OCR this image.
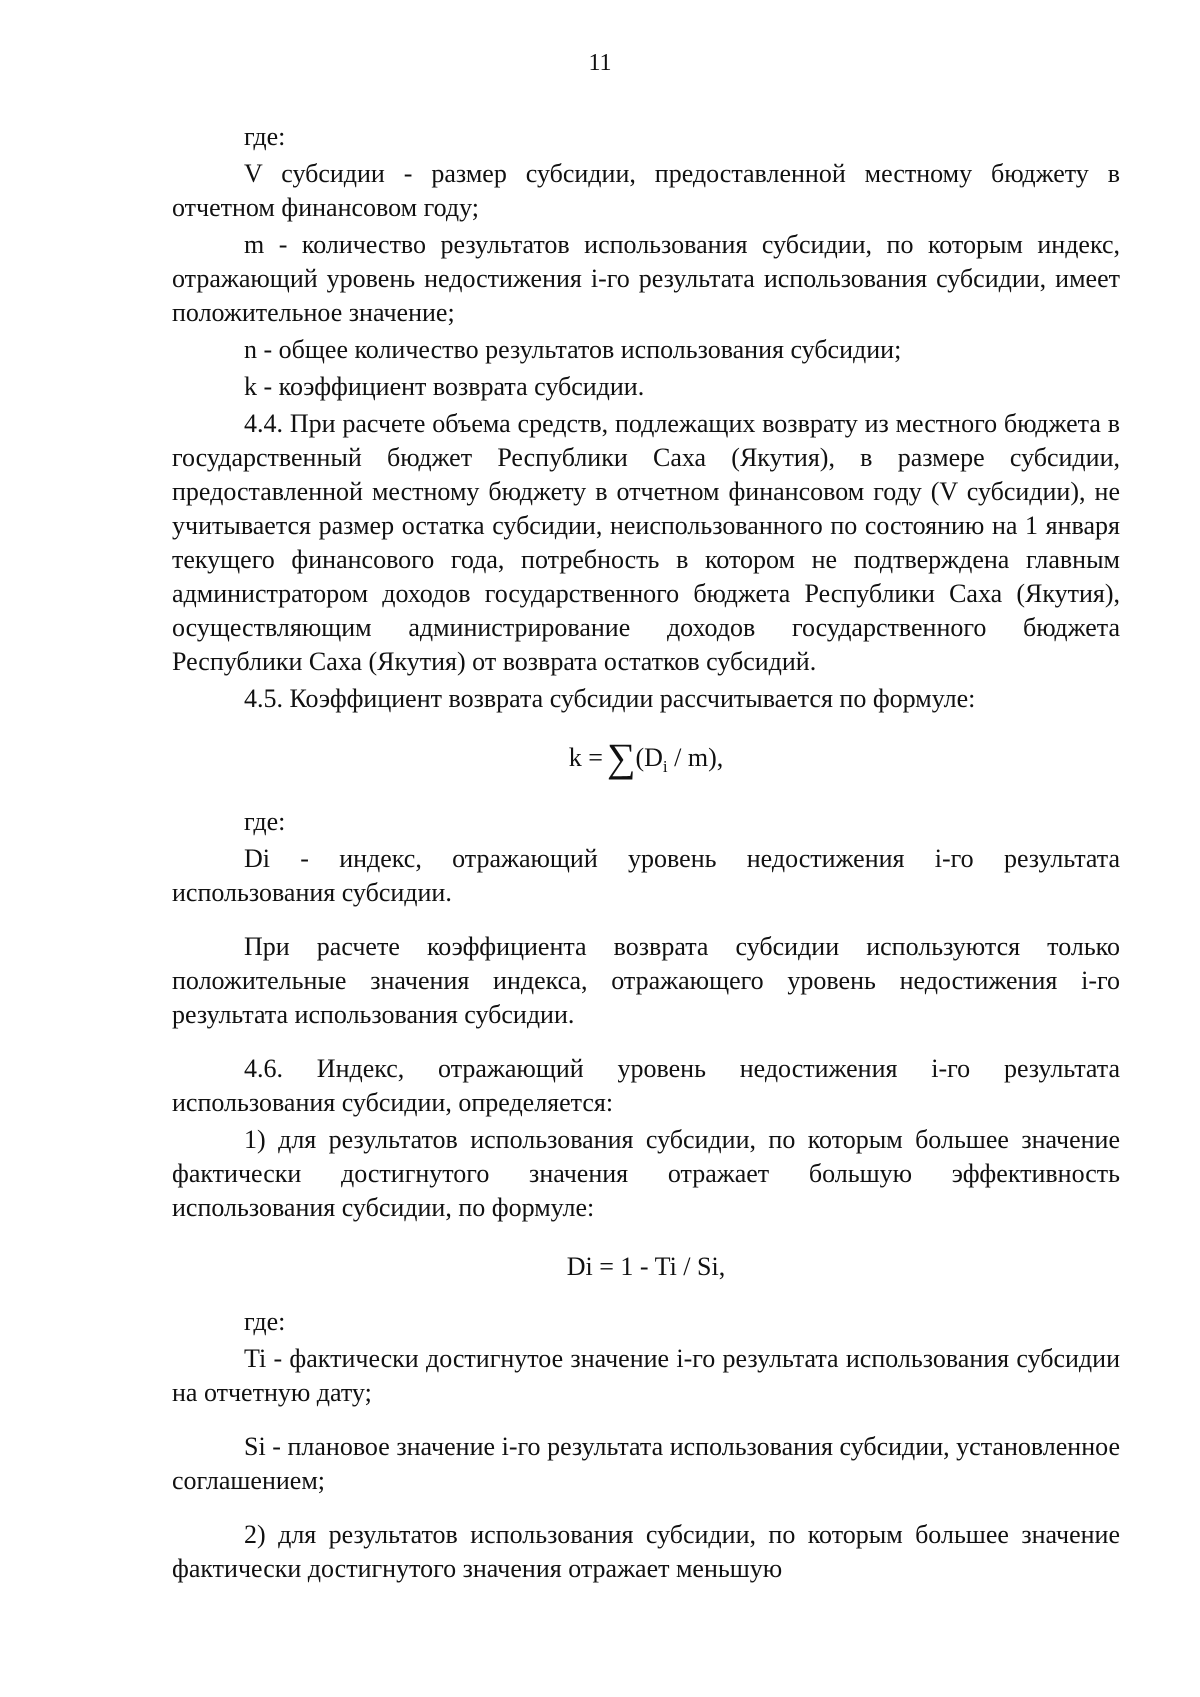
11

где:

V субсидии - размер субсидии, предоставленной местному бюджету в отчетном финансовом году;

m - количество результатов использования субсидии, по которым индекс, отражающий уровень недостижения i-го результата использования субсидии, имеет положительное значение;

n - общее количество результатов использования субсидии;

k - коэффициент возврата субсидии.

4.4. При расчете объема средств, подлежащих возврату из местного бюджета в государственный бюджет Республики Саха (Якутия), в размере субсидии, предоставленной местному бюджету в отчетном финансовом году (V субсидии), не учитывается размер остатка субсидии, неиспользованного по состоянию на 1 января текущего финансового года, потребность в котором не подтверждена главным администратором доходов государственного бюджета Республики Саха (Якутия), осуществляющим администрирование доходов государственного бюджета Республики Саха (Якутия) от возврата остатков субсидий.

4.5. Коэффициент возврата субсидии рассчитывается по формуле:

$k = \sum(D_i / m)$,

где:

Di - индекс, отражающий уровень недостижения i-го результата использования субсидии.

При расчете коэффициента возврата субсидии используются только положительные значения индекса, отражающего уровень недостижения i-го результата использования субсидии.

4.6. Индекс, отражающий уровень недостижения i-го результата использования субсидии, определяется:

1) для результатов использования субсидии, по которым большее значение фактически достигнутого значения отражает большую эффективность использования субсидии, по формуле:

Di = 1 - Ti / Si,

где:

Ti - фактически достигнутое значение i-го результата использования субсидии на отчетную дату;

Si - плановое значение i-го результата использования субсидии, установленное соглашением;

2) для результатов использования субсидии, по которым большее значение фактически достигнутого значения отражает меньшую
